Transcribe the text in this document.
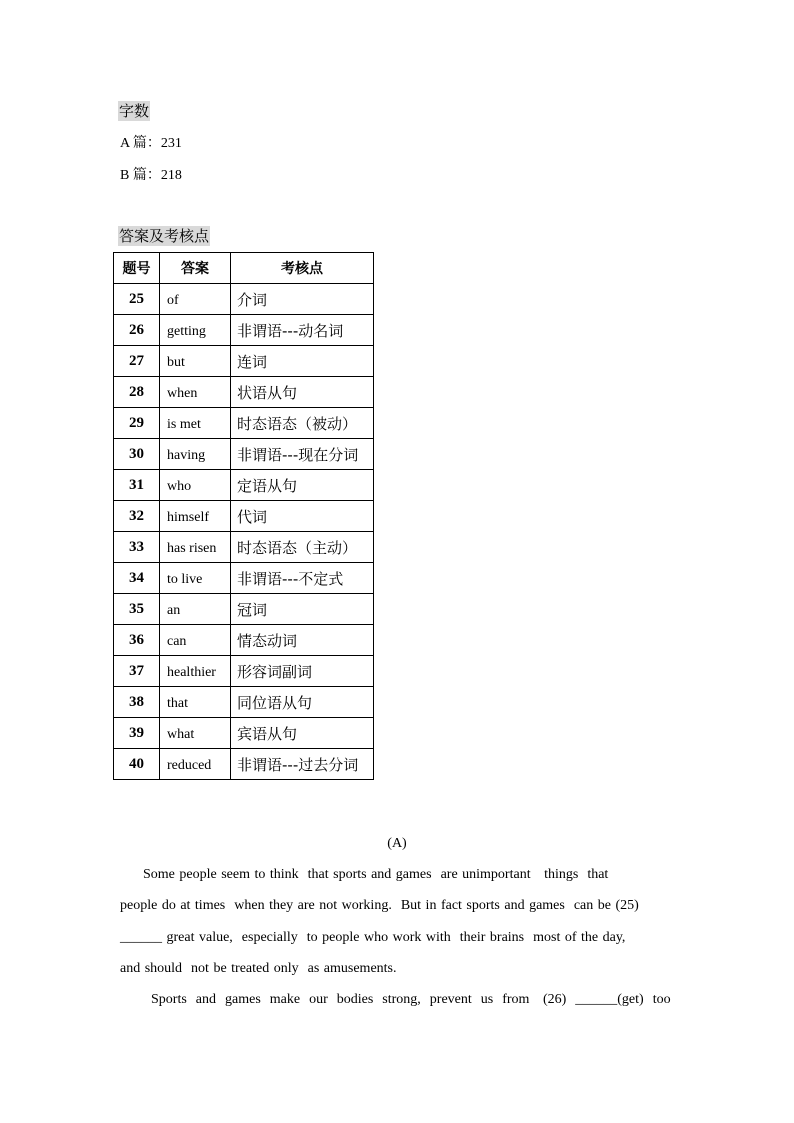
字数
A 篇：231
B 篇：218
答案及考核点
题号	答案	考核点
25	of	介词
26	getting	非谓语---动名词
27	but	连词
28	when	状语从句
29	is met	时态语态（被动）
30	having	非谓语---现在分词
31	who	定语从句
32	himself	代词
33	has risen	时态语态（主动）
34	to live	非谓语---不定式
35	an	冠词
36	can	情态动词
37	healthier	形容词副词
38	that	同位语从句
39	what	宾语从句
40	reduced	非谓语---过去分词
(A)
Some people seem to think  that sports and games  are unimportant   things  that
people do at times  when they are not working.  But in fact sports and games  can be (25)
______ great value,  especially  to people who work with  their brains  most of the day,
and should  not be treated only  as amusements.
Sports  and  games  make  our  bodies  strong,  prevent  us  from   (26)  ______(get)  too
